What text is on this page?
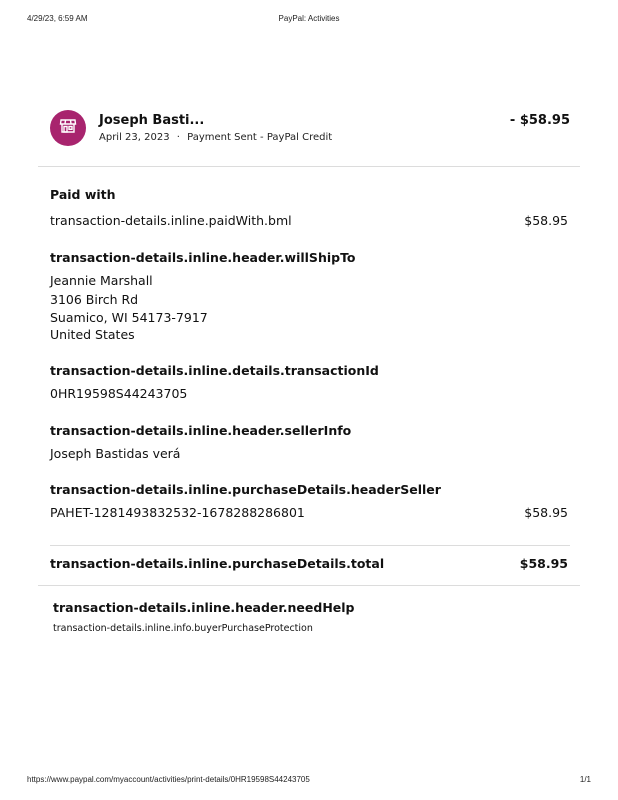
4/29/23, 6:59 AM	PayPal: Activities
Joseph Basti...
April 23, 2023 · Payment Sent - PayPal Credit
- $58.95
Paid with
transaction-details.inline.paidWith.bml	$58.95
transaction-details.inline.header.willShipTo
Jeannie Marshall
3106 Birch Rd
Suamico, WI 54173-7917
United States
transaction-details.inline.details.transactionId
0HR19598S44243705
transaction-details.inline.header.sellerInfo
Joseph Bastidas verá
transaction-details.inline.purchaseDetails.headerSeller
PAHET-1281493832532-1678288286801	$58.95
transaction-details.inline.purchaseDetails.total	$58.95
transaction-details.inline.header.needHelp
transaction-details.inline.info.buyerPurchaseProtection
https://www.paypal.com/myaccount/activities/print-details/0HR19598S44243705	1/1
